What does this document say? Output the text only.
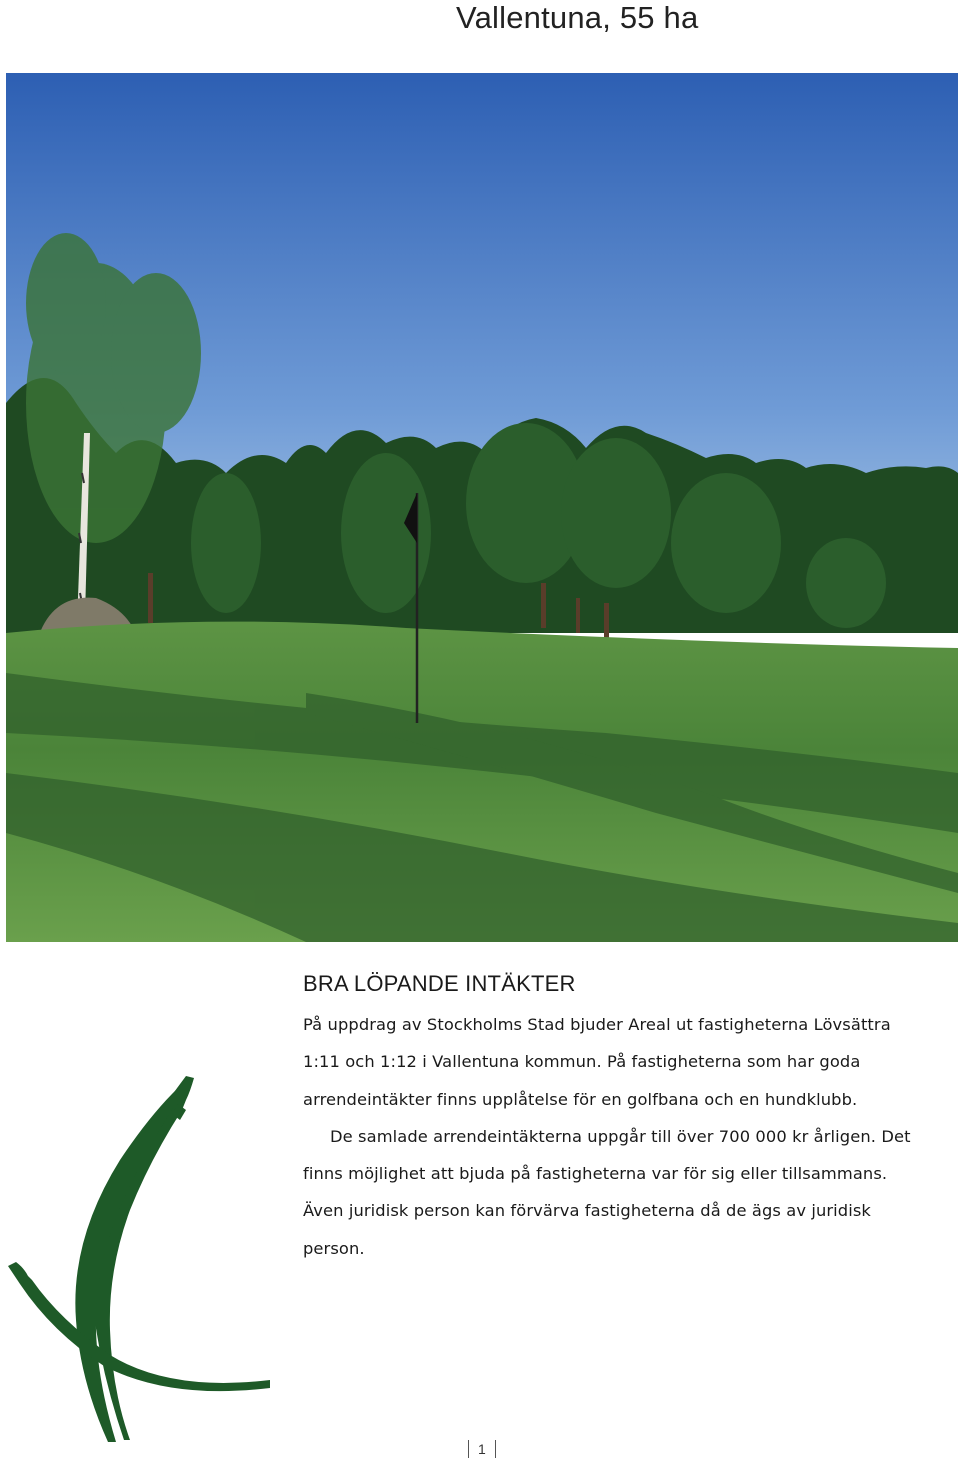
Vallentuna, 55 ha
BRA LÖPANDE INTÄKTER

På uppdrag av Stockholms Stad bjuder Areal ut fastigheterna Lövsättra 1:11 och 1:12 i Vallentuna kommun. På fastigheterna som har goda arrendeintäkter finns upplåtelse för en golfbana och en hundklubb.

De samlade arrendeintäkterna uppgår till över 700 000 kr årligen. Det finns möjlighet att bjuda på fastigheterna var för sig eller tillsammans. Även juridisk person kan förvärva fastigheterna då de ägs av juridisk person.

1
